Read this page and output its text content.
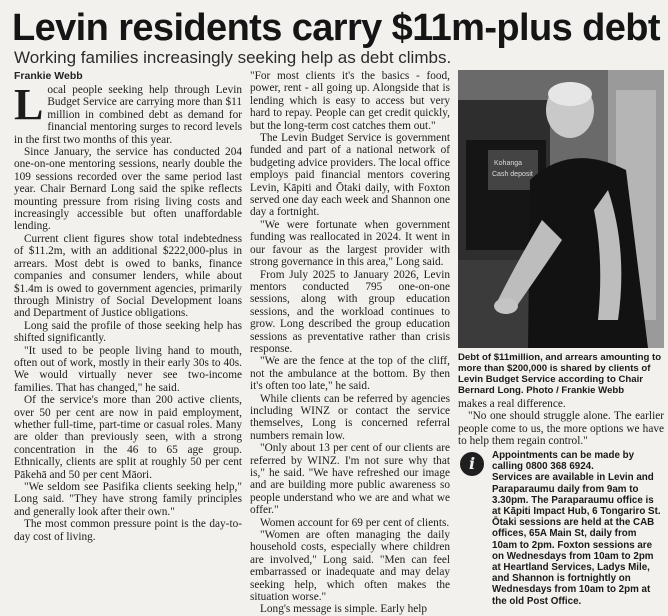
Levin residents carry $11m-plus debt
Working families increasingly seeking help as debt climbs.
Frankie Webb

Local people seeking help through Levin Budget Service are carrying more than $11 million in combined debt as demand for financial mentoring surges to record levels in the first two months of this year.

Since January, the service has conducted 204 one-on-one mentoring sessions, nearly double the 109 sessions recorded over the same period last year. Chair Bernard Long said the spike reflects mounting pressure from rising living costs and increasingly accessible but often unaffordable lending.

Current client figures show total indebtedness of $11.2m, with an additional $222,000-plus in arrears. Most debt is owed to banks, finance companies and consumer lenders, while about $1.4m is owed to government agencies, primarily through Ministry of Social Development loans and Department of Justice obligations.

Long said the profile of those seeking help has shifted significantly.

"It used to be people living hand to mouth, often out of work, mostly in their early 30s to 40s. We would virtually never see two-income families. That has changed," he said.

Of the service's more than 200 active clients, over 50 per cent are now in paid employment, whether full-time, part-time or casual roles. Many are older than previously seen, with a strong concentration in the 46 to 65 age group. Ethnically, clients are split at roughly 50 per cent Pākehā and 50 per cent Māori.

"We seldom see Pasifika clients seeking help," Long said. "They have strong family principles and generally look after their own."

The most common pressure point is the day-to-day cost of living.

"For most clients it's the basics - food, power, rent - all going up. Alongside that is lending which is easy to access but very hard to repay. People can get credit quickly, but the long-term cost catches them out."

The Levin Budget Service is government funded and part of a national network of budgeting advice providers. The local office employs paid financial mentors covering Levin, Kāpiti and Ōtaki daily, with Foxton served one day each week and Shannon one day a fortnight.

"We were fortunate when government funding was reallocated in 2024. It went in our favour as the largest provider with strong governance in this area," Long said.

From July 2025 to January 2026, Levin mentors conducted 795 one-on-one sessions, along with group education sessions, and the workload continues to grow. Long described the group education sessions as preventative rather than crisis response.

"We are the fence at the top of the cliff, not the ambulance at the bottom. By then it's often too late," he said.

While clients can be referred by agencies including WINZ or contact the service themselves, Long is concerned referral numbers remain low.

"Only about 13 per cent of our clients are referred by WINZ. I'm not sure why that is," he said. "We have refreshed our image and are building more public awareness so people understand who we are and what we offer."

Women account for 69 per cent of clients.

"Women are often managing the daily household costs, especially where children are involved," Long said. "Men can feel embarrassed or inadequate and may delay seeking help, which often makes the situation worse."

Long's message is simple. Early help

Kohanga
Cash deposit
Debt of $11million, and arrears amounting to more than $200,000 is shared by clients of Levin Budget Service according to Chair Bernard Long. Photo / Frankie Webb

makes a real difference.

"No one should struggle alone. The earlier people come to us, the more options we have to help them regain control."

i	Appointments can be made by calling 0800 368 6924.

Services are available in Levin and Paraparaumu daily from 9am to 3.30pm. The Paraparaumu office is at Kāpiti Impact Hub, 6 Tongariro St. Ōtaki sessions are held at the CAB offices, 65A Main St, daily from 10am to 2pm. Foxton sessions are on Wednesdays from 10am to 2pm at Heartland Services, Ladys Mile, and Shannon is fortnightly on Wednesdays from 10am to 2pm at the old Post Office.
